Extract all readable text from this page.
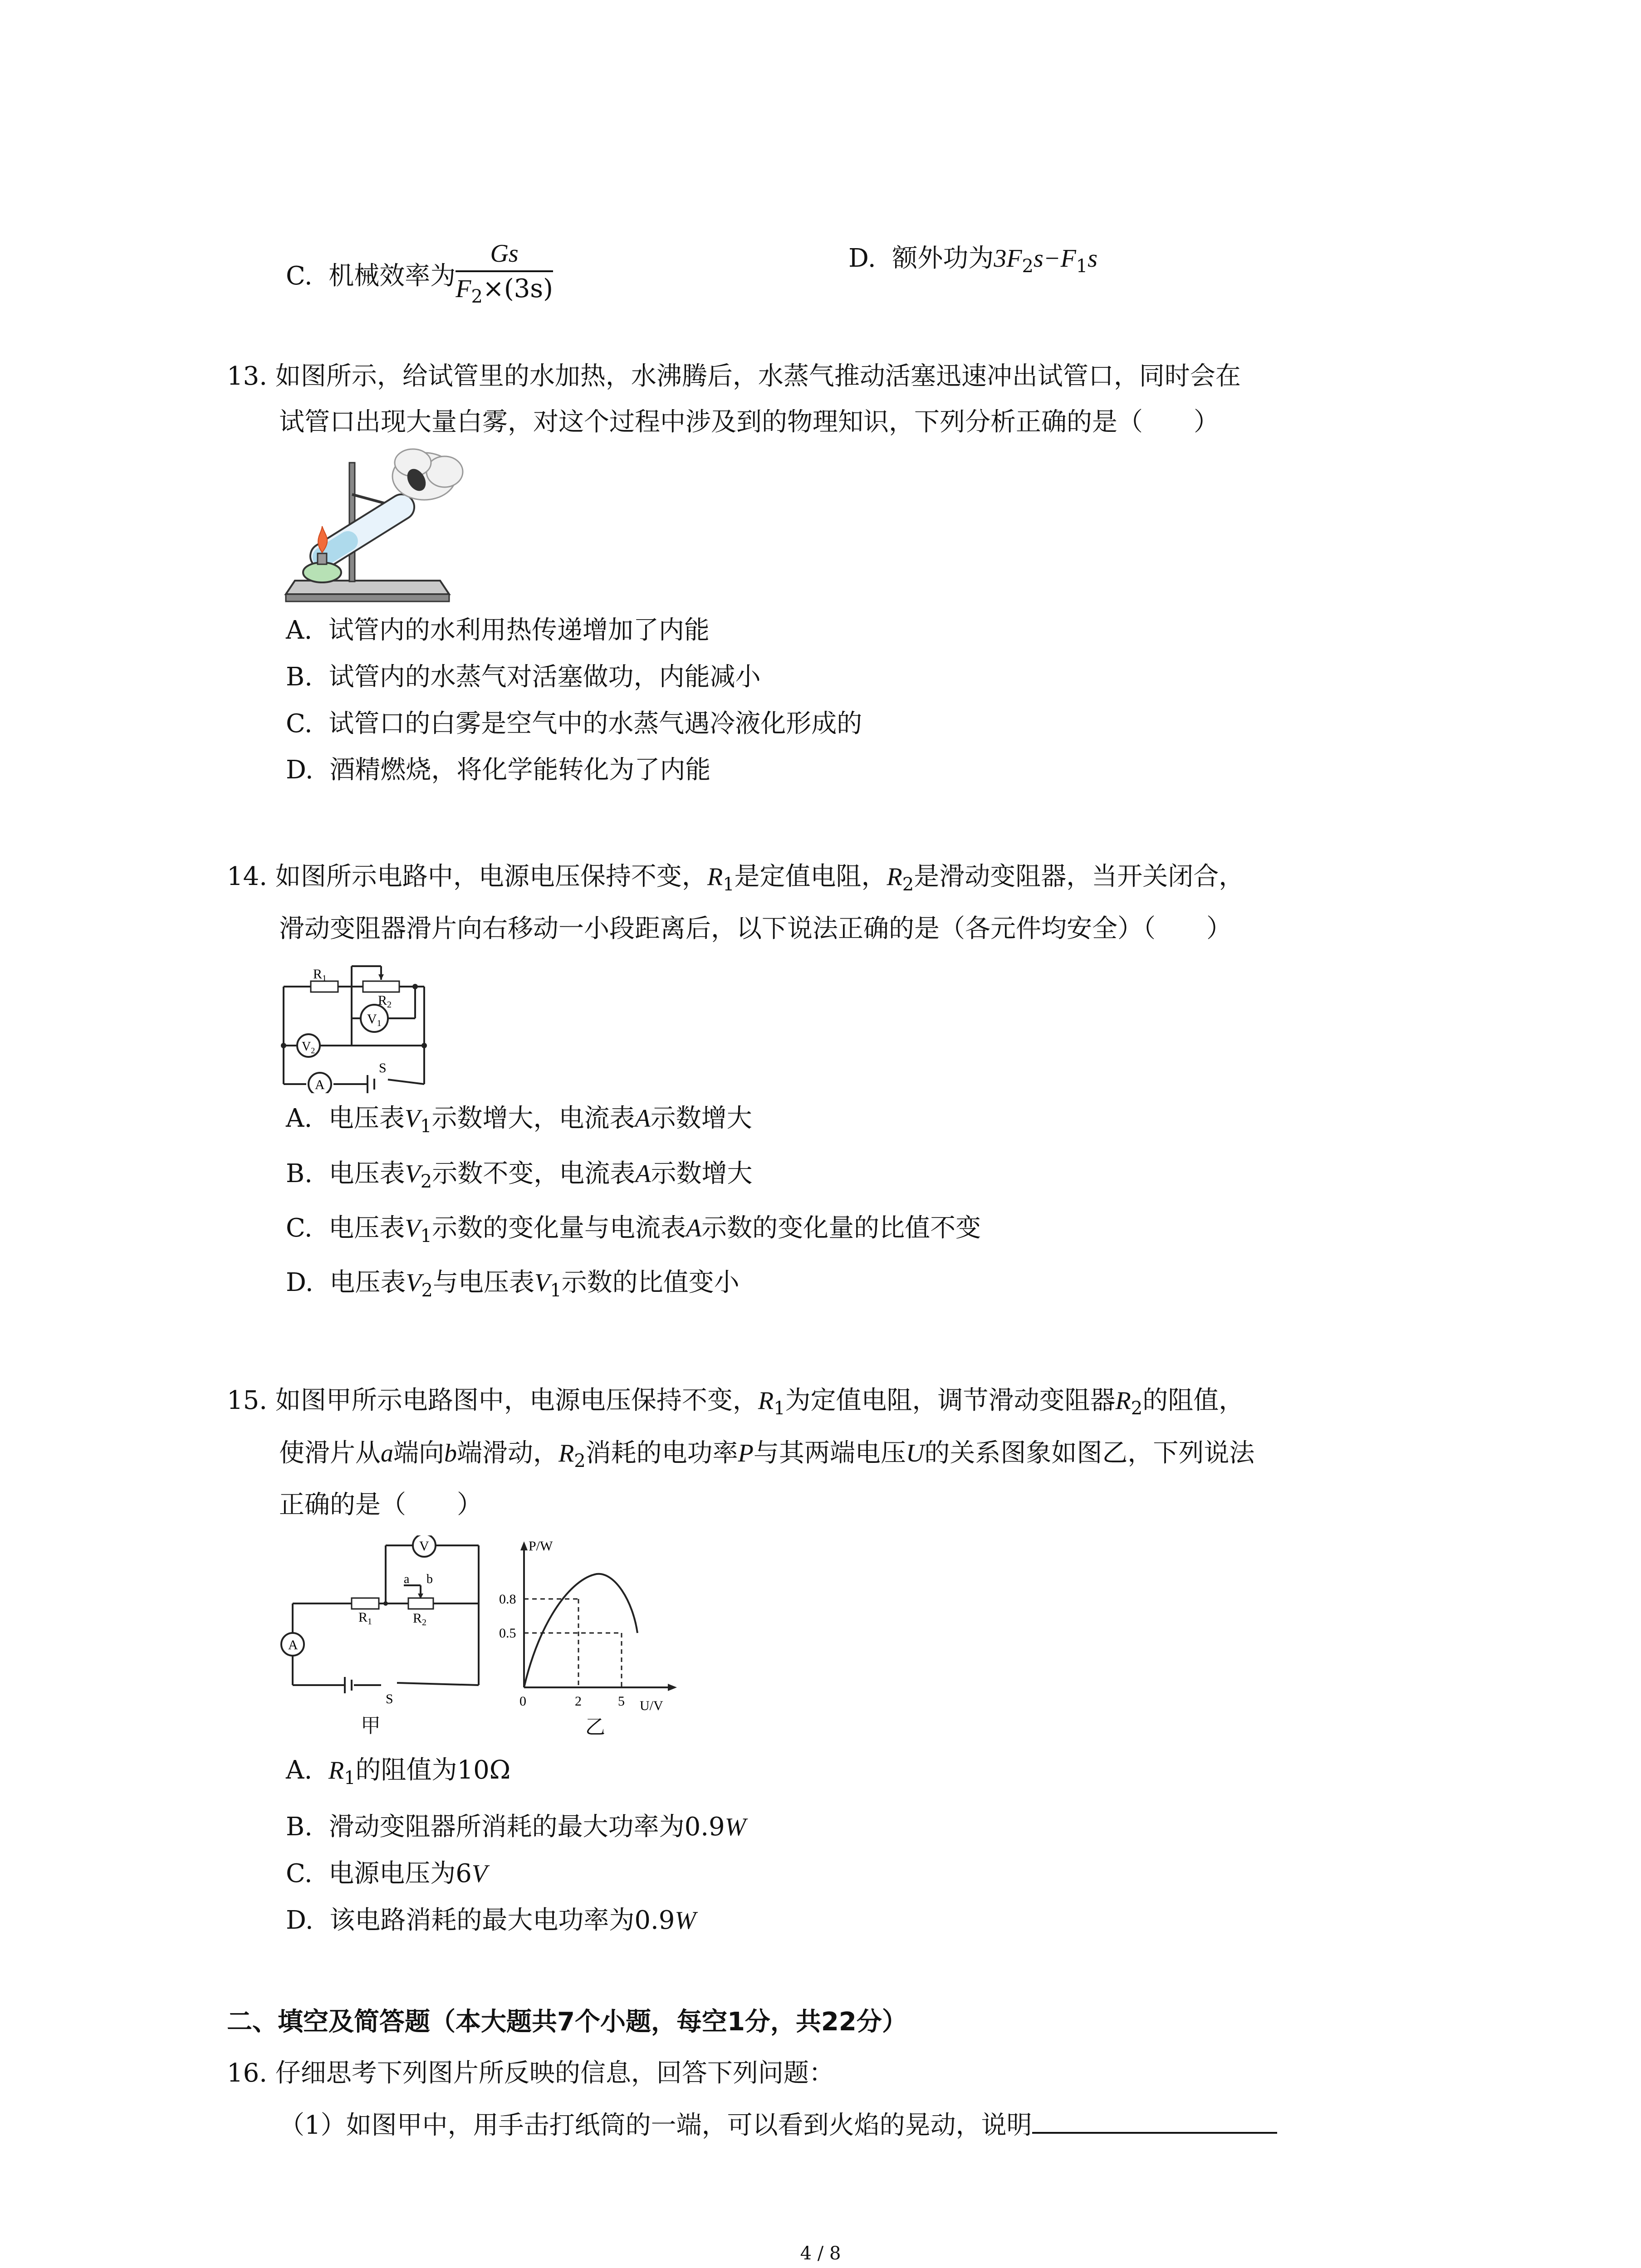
C. 机械效率为 $\frac{Gs}{F_2\times(3s)}$	D. 额外功为$3F_2s-F_1s$
13. 如图所示，给试管里的水加热，水沸腾后，水蒸气推动活塞迅速冲出试管口，同时会在
试管口出现大量白雾，对这个过程中涉及到的物理知识，下列分析正确的是（　　）
A. 试管内的水利用热传递增加了内能
B. 试管内的水蒸气对活塞做功，内能减小
C. 试管口的白雾是空气中的水蒸气遇冷液化形成的
D. 酒精燃烧，将化学能转化为了内能
14. 如图所示电路中，电源电压保持不变，$R_1$是定值电阻，$R_2$是滑动变阻器，当开关闭合，
滑动变阻器滑片向右移动一小段距离后，以下说法正确的是（各元件均安全）（　　）
$R_1$
$R_2$
$V_1$
$V_2$
A
S
A. 电压表$V_1$示数增大，电流表A示数增大
B. 电压表$V_2$示数不变，电流表A示数增大
C. 电压表$V_1$示数的变化量与电流表A示数的变化量的比值不变
D. 电压表$V_2$与电压表$V_1$示数的比值变小
15. 如图甲所示电路图中，电源电压保持不变，$R_1$为定值电阻，调节滑动变阻器$R_2$的阻值，
使滑片从a端向b端滑动，$R_2$消耗的电功率P与其两端电压U的关系图象如图乙，下列说法
正确的是（　　）
V
a b
$R_1$	$R_2$
A
S
甲
P/W
U/V
0.8
0.5
0	2	5
乙
A. $R_1$的阻值为10Ω
B. 滑动变阻器所消耗的最大功率为0.9W
C. 电源电压为6V
D. 该电路消耗的最大电功率为0.9W
二、填空及简答题（本大题共7个小题，每空1分，共22分）
16. 仔细思考下列图片所反映的信息，回答下列问题：
（1）如图甲中，用手击打纸筒的一端，可以看到火焰的晃动，说明
4 / 8
